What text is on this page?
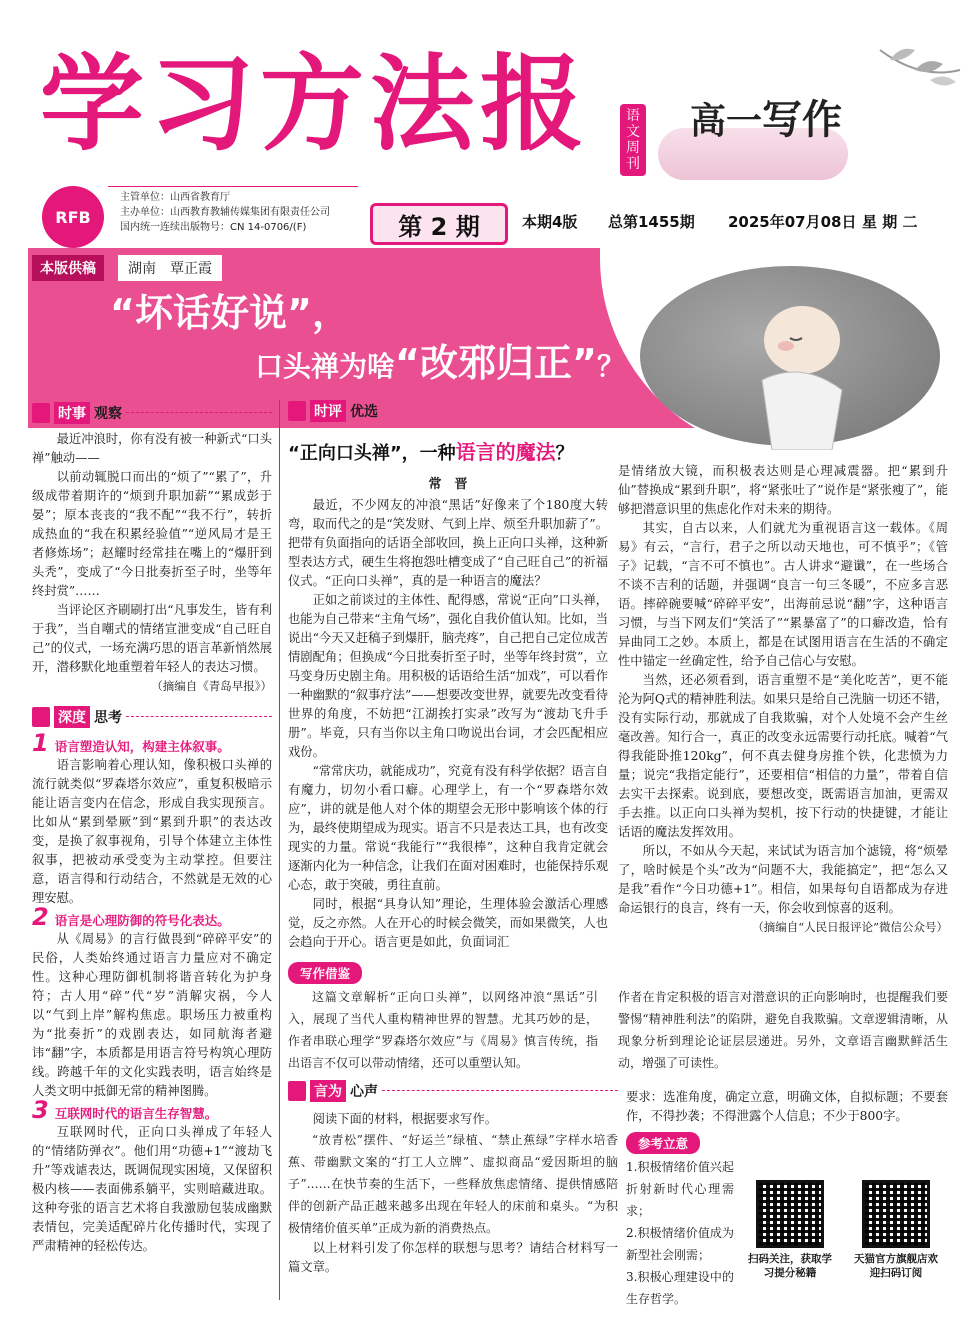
学习方法报	语文周刊
高一写作
RFB
主管单位：山西省教育厅
主办单位：山西教育教辅传媒集团有限责任公司
国内统一连续出版物号：CN 14-0706/(F)	第 2 期	本期4版 总第1455期 2025年07月08日 星 期 二
本版供稿	湖南　覃正霞
“坏话好说”，
口头禅为啥“改邪归正”？
时事 观察

最近冲浪时，你有没有被一种新式“口头禅”触动——

以前动辄脱口而出的“烦了”“累了”，升级成带着期许的“烦到升职加薪”“累成彭于晏”；原本丧丧的“我不配”“我不行”，转折成热血的“我在积累经验值”“逆风局才是王者修炼场”；赵耀时经常挂在嘴上的“爆肝到头秃”，变成了“今日批奏折至子时，坐等年终封赏”……

当评论区齐刷刷打出“凡事发生，皆有利于我”，当自嘲式的情绪宣泄变成“自己旺自己”的仪式，一场充满巧思的语言革新悄然展开，潜移默化地重塑着年轻人的表达习惯。

（摘编自《青岛早报》）
深度 思考
1 语言塑造认知，构建主体叙事。

语言影响着心理认知，像积极口头禅的流行就类似“罗森塔尔效应”，重复积极暗示能让语言变内在信念，形成自我实现预言。比如从“累到晕厥”到“累到升职”的表达改变，是换了叙事视角，引导个体建立主体性叙事，把被动承受变为主动掌控。但要注意，语言得和行动结合，不然就是无效的心理安慰。

2 语言是心理防御的符号化表达。

从《周易》的言行做畏到“碎碎平安”的民俗，人类始终通过语言力量应对不确定性。这种心理防御机制将谐音转化为护身符；古人用“碎”代“岁”消解灾祸，今人以“气到上岸”解构焦虑。职场压力被重构为“批奏折”的戏剧表达，如同航海者避讳“翻”字，本质都是用语言符号构筑心理防线。跨越千年的文化实践表明，语言始终是人类文明中抵御无常的精神图腾。

3 互联网时代的语言生存智慧。

互联网时代，正向口头禅成了年轻人的“情绪防弹衣”。他们用“功德+1”“渡劫飞升”等戏谑表达，既调侃现实困境，又保留积极内核——表面佛系躺平，实则暗藏进取。这种夸张的语言艺术将自我激励包装成幽默表情包，完美适配碎片化传播时代，实现了严肃精神的轻松传达。

时评 优选
“正向口头禅”，一种语言的魔法？
常　晋

最近，不少网友的冲浪“黑话”好像来了个180度大转弯，取而代之的是“笑发财、气到上岸、烦至升职加薪了”。把带有负面指向的话语全部收回，换上正向口头禅，这种新型表达方式，硬生生将抱怨吐槽变成了“自己旺自己”的祈福仪式。“正向口头禅”，真的是一种语言的魔法？

正如之前谈过的主体性、配得感，常说“正向”口头禅，也能为自己带来“主角气场”，强化自我价值认知。比如，当说出“今天又赶稿子到爆肝，脑壳疼”，自己把自己定位成苦情剧配角；但换成“今日批奏折至子时，坐等年终封赏”，立马变身历史剧主角。用积极的话语给生活“加戏”，可以看作一种幽默的“叙事疗法”——想要改变世界，就要先改变看待世界的角度，不妨把“江湖挨打实录”改写为“渡劫飞升手册”。毕竟，只有当你以主角口吻说出台词，才会匹配相应戏份。

“常常庆功，就能成功”，究竟有没有科学依据？语言自有魔力，切勿小看口癖。心理学上，有一个“罗森塔尔效应”，讲的就是他人对个体的期望会无形中影响该个体的行为，最终使期望成为现实。语言不只是表达工具，也有改变现实的力量。常说“我能行”“我很棒”，这种自我肯定就会逐渐内化为一种信念，让我们在面对困难时，也能保持乐观心态，敢于突破，勇往直前。

同时，根据“具身认知”理论，生理体验会激活心理感觉，反之亦然。人在开心的时候会微笑，而如果微笑，人也会趋向于开心。语言更是如此，负面词汇

是情绪放大镜，而积极表达则是心理减震器。把“累到升仙”替换成“累到升职”，将“紧张吐了”说作是“紧张瘦了”，能够把潜意识里的焦虑化作对未来的期待。

其实，自古以来，人们就尤为重视语言这一载体。《周易》有云，“言行，君子之所以动天地也，可不慎乎”；《管子》记载，“言不可不慎也”。古人讲求“避谶”，在一些场合不谈不吉利的话题，并强调“良言一句三冬暖”，不应多言恶语。摔碎碗要喊“碎碎平安”，出海前忌说“翻”字，这种语言习惯，与当下网友们“笑活了”“累暴富了”的口癖改造，恰有异曲同工之妙。本质上，都是在试图用语言在生活的不确定性中锚定一丝确定性，给予自己信心与安慰。

当然，还必须看到，语言重塑不是“美化吃苦”，更不能沦为阿Q式的精神胜利法。如果只是给自己洗脑一切还不错，没有实际行动，那就成了自我欺骗，对个人处境不会产生丝毫改善。知行合一，真正的改变永远需要行动托底。喊着“气得我能卧推120kg”，何不真去健身房推个铁，化悲愤为力量；说完“我指定能行”，还要相信“相信的力量”，带着自信去实干去探索。说到底，要想改变，既需语言加油，更需双手去推。以正向口头禅为契机，按下行动的快捷键，才能让话语的魔法发挥效用。

所以，不如从今天起，来试试为语言加个滤镜，将“烦晕了，啥时候是个头”改为“问题不大，我能搞定”，把“怎么又是我”看作“今日功德+1”。相信，如果每句自语都成为存进命运银行的良言，终有一天，你会收到惊喜的返利。

（摘编自“人民日报评论”微信公众号）
写作借鉴
这篇文章解析“正向口头禅”，以网络冲浪“黑话”引入，展现了当代人重构精神世界的智慧。尤其巧妙的是，作者串联心理学“罗森塔尔效应”与《周易》慎言传统，指出语言不仅可以带动情绪，还可以重塑认知。
作者在肯定积极的语言对潜意识的正向影响时，也提醒我们要警惕“精神胜利法”的陷阱，避免自我欺骗。文章逻辑清晰，从现象分析到理论论证层层递进。另外，文章语言幽默鲜活生动，增强了可读性。
言为 心声

阅读下面的材料，根据要求写作。

“放青松”摆件、“好运兰”绿植、“禁止蕉绿”字样水培香蕉、带幽默文案的“打工人立牌”、虚拟商品“爱因斯坦的脑子”……在快节奏的生活下，一些释放焦虑情绪、提供情感陪伴的创新产品正越来越多出现在年轻人的床前和桌头。“为积极情绪价值买单”正成为新的消费热点。

以上材料引发了你怎样的联想与思考？请结合材料写一篇文章。

要求：选准角度，确定立意，明确文体，自拟标题；不要套作，不得抄袭；不得泄露个人信息；不少于800字。
参考立意
1.积极情绪价值兴起折射新时代心理需求；
2.积极情绪价值成为新型社会刚需；
3.积极心理建设中的生存哲学。
扫码关注，获取学习提分秘籍
天猫官方旗舰店欢迎扫码订阅
